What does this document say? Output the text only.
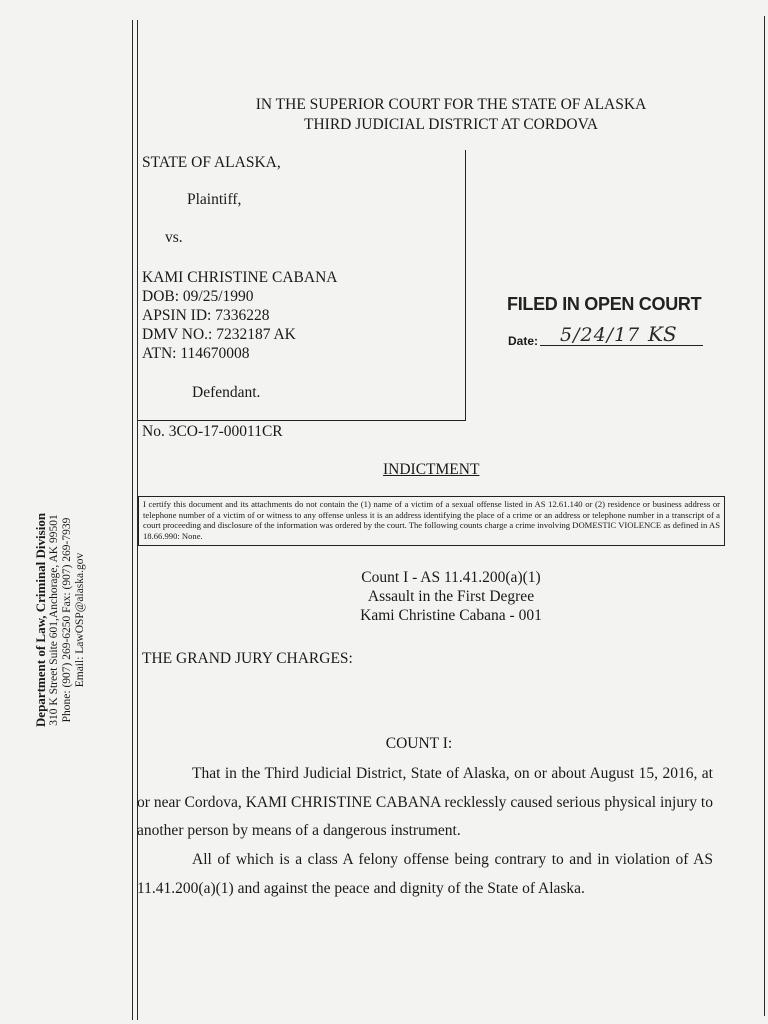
Department of Law, Criminal Division 310 K Street Suite 601,Anchorage, AK 99501 Phone: (907) 269-6250 Fax: (907) 269-7939 Email: LawOSP@alaska.gov
IN THE SUPERIOR COURT FOR THE STATE OF ALASKA
THIRD JUDICIAL DISTRICT AT CORDOVA
STATE OF ALASKA,
Plaintiff,
vs.
KAMI CHRISTINE CABANA
DOB: 09/25/1990
APSIN ID: 7336228
DMV NO.: 7232187 AK
ATN: 114670008
Defendant.
FILED IN OPEN COURT
Date: 5/24/17 KS
No. 3CO-17-00011CR
INDICTMENT
I certify this document and its attachments do not contain the (1) name of a victim of a sexual offense listed in AS 12.61.140 or (2) residence or business address or telephone number of a victim of or witness to any offense unless it is an address identifying the place of a crime or an address or telephone number in a transcript of a court proceeding and disclosure of the information was ordered by the court. The following counts charge a crime involving DOMESTIC VIOLENCE as defined in AS 18.66.990: None.
Count I - AS 11.41.200(a)(1)
Assault in the First Degree
Kami Christine Cabana - 001
THE GRAND JURY CHARGES:
COUNT I:
That in the Third Judicial District, State of Alaska, on or about August 15, 2016, at or near Cordova, KAMI CHRISTINE CABANA recklessly caused serious physical injury to another person by means of a dangerous instrument.
All of which is a class A felony offense being contrary to and in violation of AS 11.41.200(a)(1) and against the peace and dignity of the State of Alaska.
